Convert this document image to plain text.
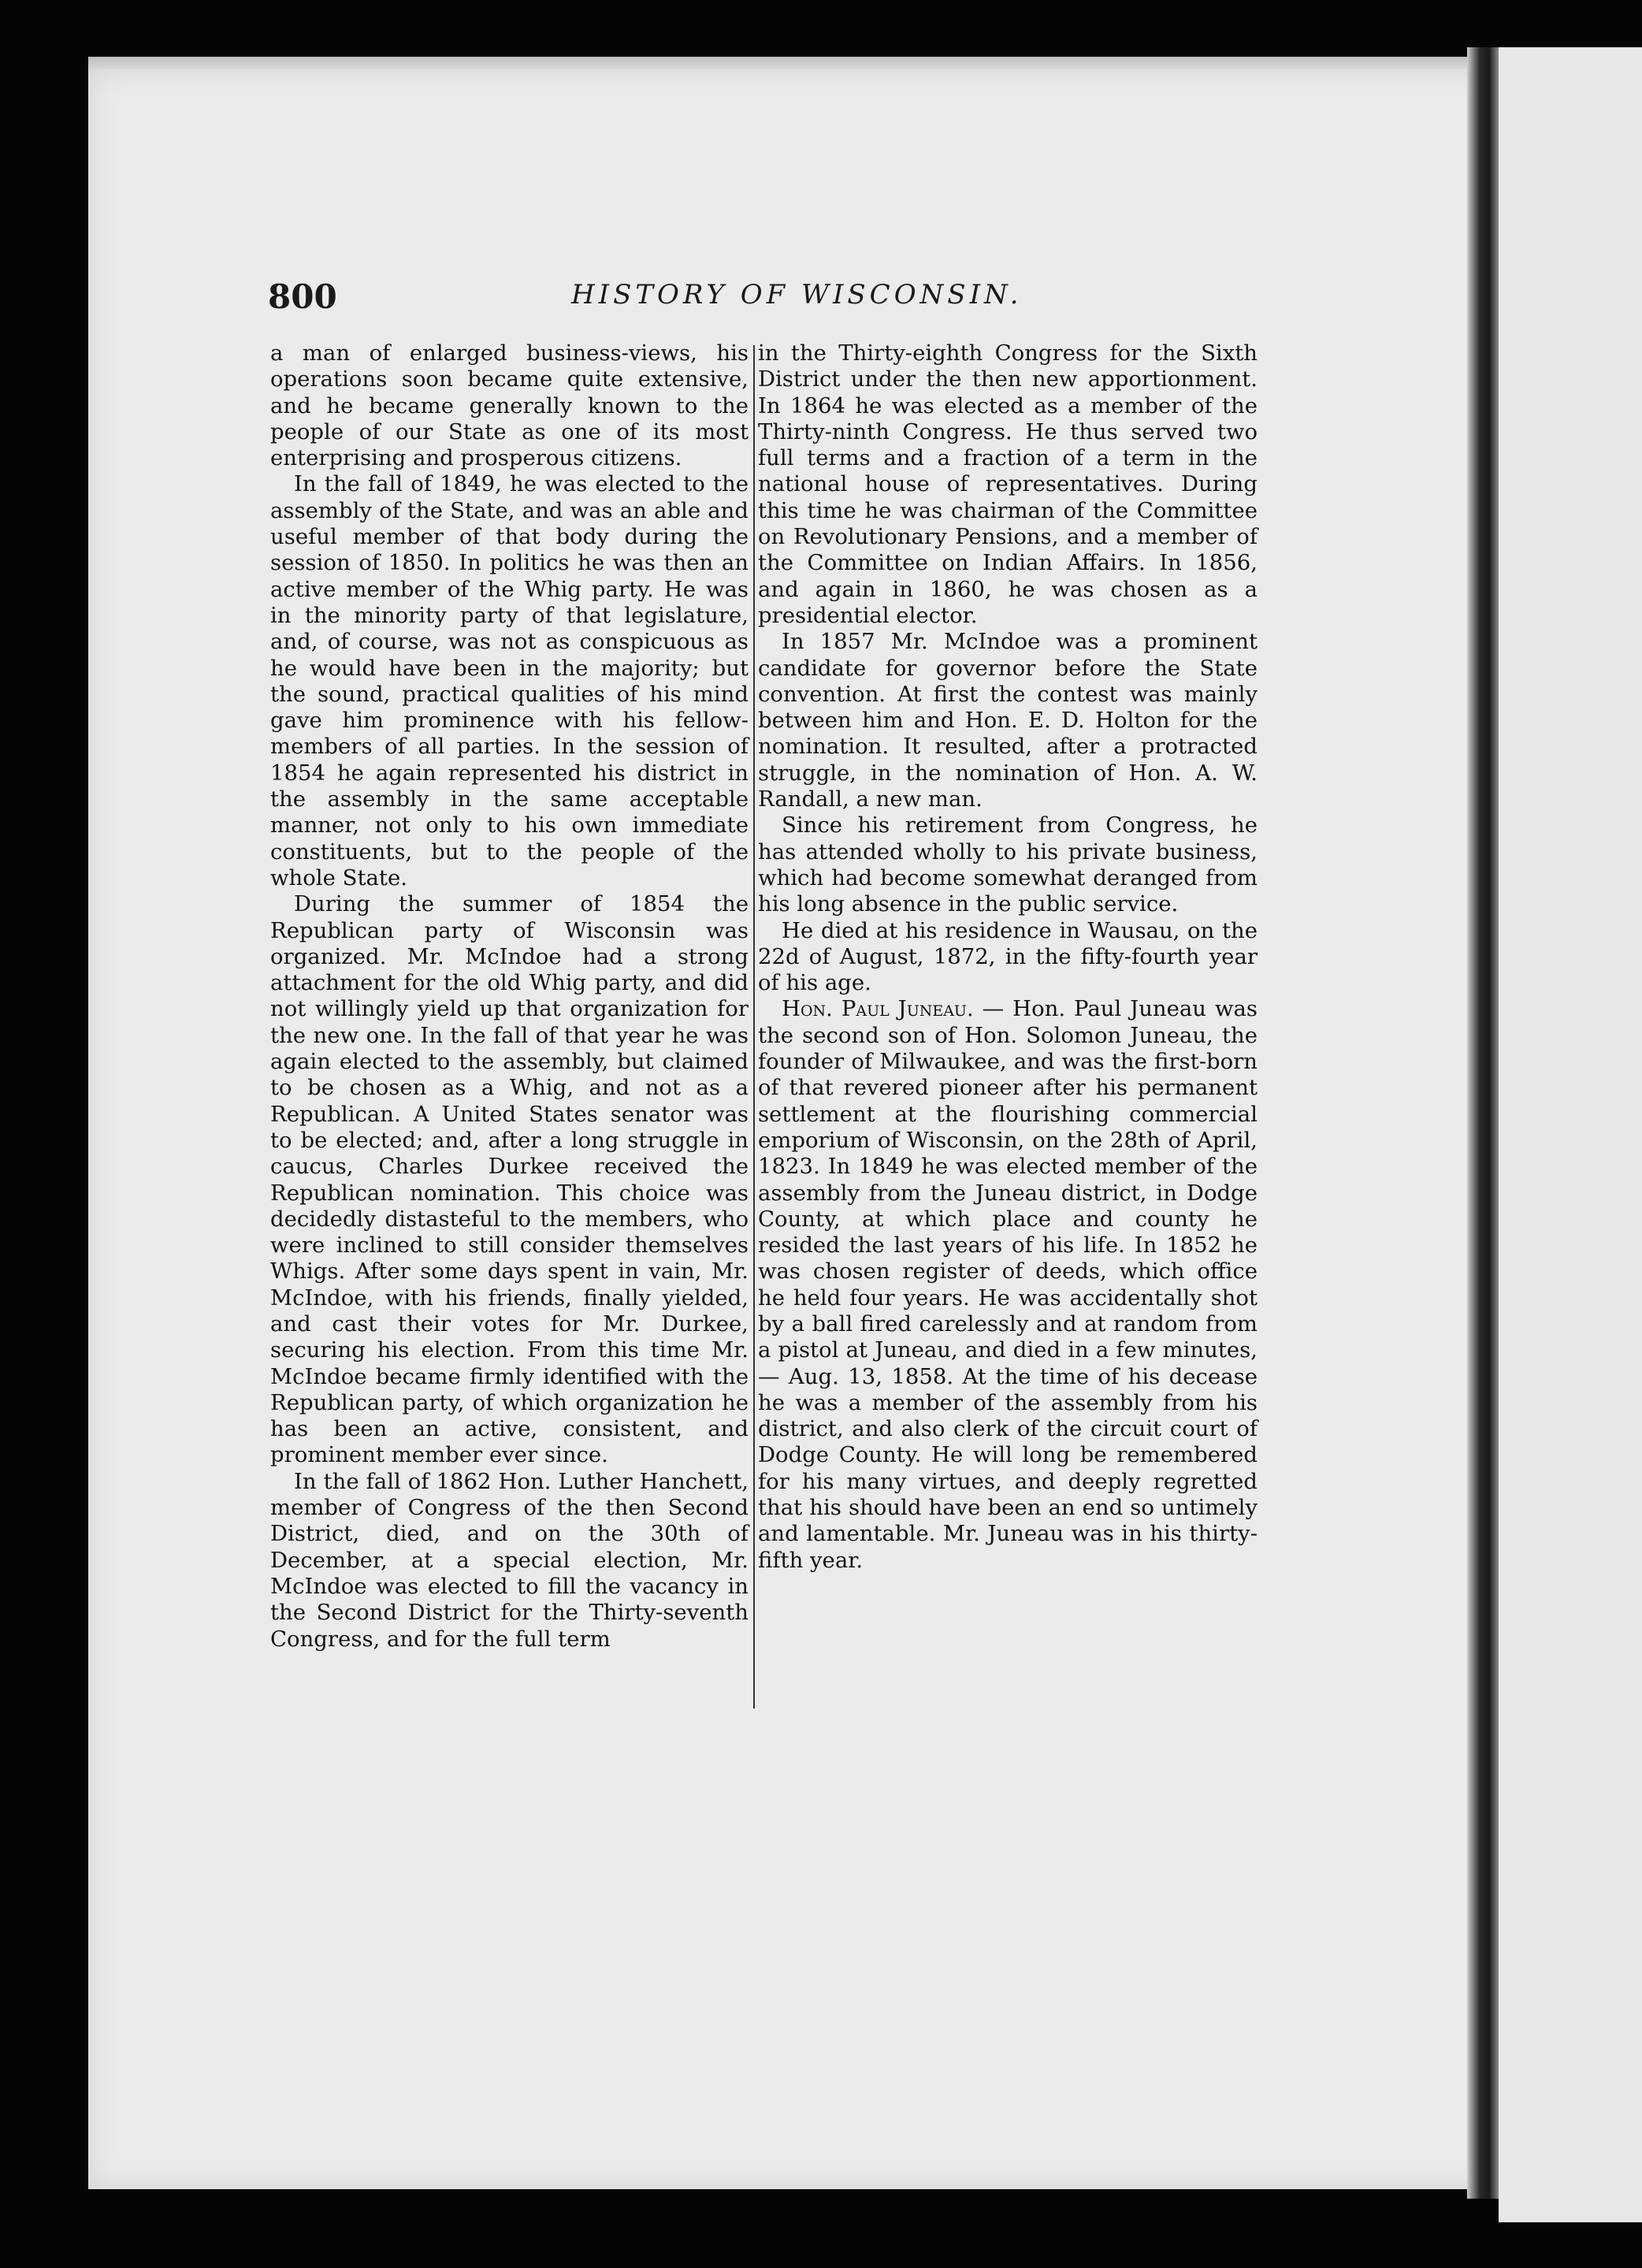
800	HISTORY OF WISCONSIN.

a man of enlarged business-views, his operations soon became quite extensive, and he became generally known to the people of our State as one of its most enterprising and prosperous citizens.

In the fall of 1849, he was elected to the assembly of the State, and was an able and useful member of that body during the session of 1850. In politics he was then an active member of the Whig party. He was in the minority party of that legislature, and, of course, was not as conspicuous as he would have been in the majority; but the sound, practical qualities of his mind gave him prominence with his fellow-members of all parties. In the session of 1854 he again represented his district in the assembly in the same acceptable manner, not only to his own immediate constituents, but to the people of the whole State.

During the summer of 1854 the Republican party of Wisconsin was organized. Mr. McIndoe had a strong attachment for the old Whig party, and did not willingly yield up that organization for the new one. In the fall of that year he was again elected to the assembly, but claimed to be chosen as a Whig, and not as a Republican. A United States senator was to be elected; and, after a long struggle in caucus, Charles Durkee received the Republican nomination. This choice was decidedly distasteful to the members, who were inclined to still consider themselves Whigs. After some days spent in vain, Mr. McIndoe, with his friends, finally yielded, and cast their votes for Mr. Durkee, securing his election. From this time Mr. McIndoe became firmly identified with the Republican party, of which organization he has been an active, consistent, and prominent member ever since.

In the fall of 1862 Hon. Luther Hanchett, member of Congress of the then Second District, died, and on the 30th of December, at a special election, Mr. McIndoe was elected to fill the vacancy in the Second District for the Thirty-seventh Congress, and for the full term

in the Thirty-eighth Congress for the Sixth District under the then new apportionment. In 1864 he was elected as a member of the Thirty-ninth Congress. He thus served two full terms and a fraction of a term in the national house of representatives. During this time he was chairman of the Committee on Revolutionary Pensions, and a member of the Committee on Indian Affairs. In 1856, and again in 1860, he was chosen as a presidential elector.

In 1857 Mr. McIndoe was a prominent candidate for governor before the State convention. At first the contest was mainly between him and Hon. E. D. Holton for the nomination. It resulted, after a protracted struggle, in the nomination of Hon. A. W. Randall, a new man.

Since his retirement from Congress, he has attended wholly to his private business, which had become somewhat deranged from his long absence in the public service.

He died at his residence in Wausau, on the 22d of August, 1872, in the fifty-fourth year of his age.

Hon. Paul Juneau. — Hon. Paul Juneau was the second son of Hon. Solomon Juneau, the founder of Milwaukee, and was the first-born of that revered pioneer after his permanent settlement at the flourishing commercial emporium of Wisconsin, on the 28th of April, 1823. In 1849 he was elected member of the assembly from the Juneau district, in Dodge County, at which place and county he resided the last years of his life. In 1852 he was chosen register of deeds, which office he held four years. He was accidentally shot by a ball fired carelessly and at random from a pistol at Juneau, and died in a few minutes, — Aug. 13, 1858. At the time of his decease he was a member of the assembly from his district, and also clerk of the circuit court of Dodge County. He will long be remembered for his many virtues, and deeply regretted that his should have been an end so untimely and lamentable. Mr. Juneau was in his thirty-fifth year.
